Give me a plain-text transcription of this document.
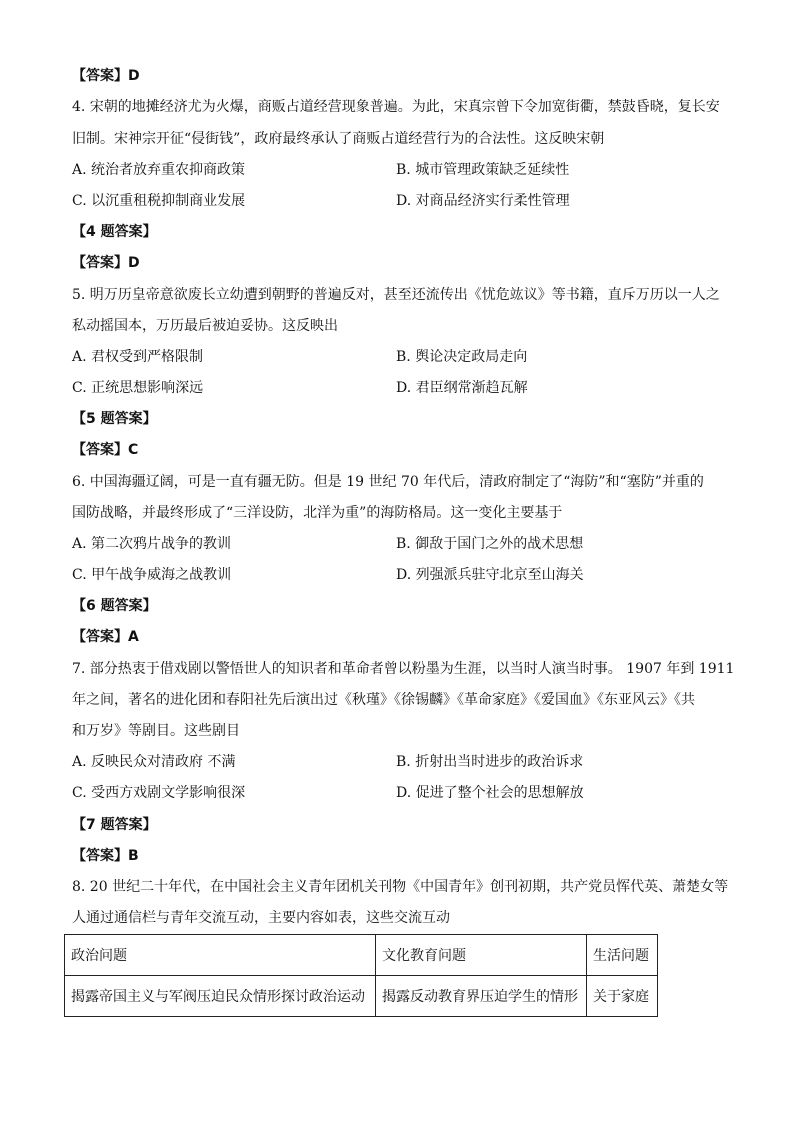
【答案】D
4. 宋朝的地摊经济尤为火爆，商贩占道经营现象普遍。为此，宋真宗曾下令加宽街衢，禁鼓昏晓，复长安
旧制。宋神宗开征“侵街钱”，政府最终承认了商贩占道经营行为的合法性。这反映宋朝
A. 统治者放弃重农抑商政策	B. 城市管理政策缺乏延续性
C. 以沉重租税抑制商业发展	D. 对商品经济实行柔性管理
【4 题答案】
【答案】D
5. 明万历皇帝意欲废长立幼遭到朝野的普遍反对，甚至还流传出《忧危竑议》等书籍，直斥万历以一人之
私动摇国本，万历最后被迫妥协。这反映出
A. 君权受到严格限制	B. 舆论决定政局走向
C. 正统思想影响深远	D. 君臣纲常渐趋瓦解
【5 题答案】
【答案】C
6. 中国海疆辽阔，可是一直有疆无防。但是 19 世纪 70 年代后，清政府制定了“海防”和“塞防”并重的
国防战略，并最终形成了“三洋设防，北洋为重”的海防格局。这一变化主要基于
A. 第二次鸦片战争的教训	B. 御敌于国门之外的战术思想
C. 甲午战争威海之战教训	D. 列强派兵驻守北京至山海关
【6 题答案】
【答案】A
7. 部分热衷于借戏剧以警悟世人的知识者和革命者曾以粉墨为生涯，以当时人演当时事。 1907 年到 1911
年之间，著名的进化团和春阳社先后演出过《秋瑾》《徐锡麟》《革命家庭》《爱国血》《东亚风云》《共
和万岁》等剧目。这些剧目
A. 反映民众对清政府 不满	B. 折射出当时进步的政治诉求
C. 受西方戏剧文学影响很深	D. 促进了整个社会的思想解放
【7 题答案】
【答案】B
8. 20 世纪二十年代，在中国社会主义青年团机关刊物《中国青年》创刊初期，共产党员恽代英、萧楚女等
人通过通信栏与青年交流互动，主要内容如表，这些交流互动
政治问题	文化教育问题	生活问题
揭露帝国主义与军阀压迫民众情形探讨政治运动	揭露反动教育界压迫学生的情形	关于家庭
